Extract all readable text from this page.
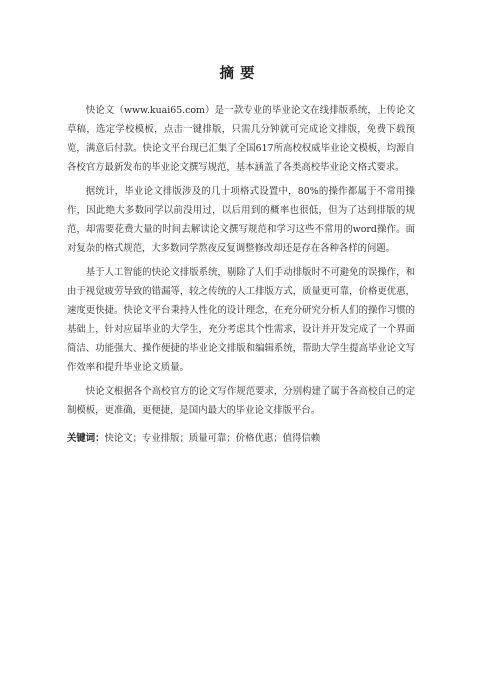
摘要

快论文（www.kuai65.com）是一款专业的毕业论文在线排版系统，上传论文草稿，选定学校模板，点击一键排版，只需几分钟就可完成论文排版，免费下载预览，满意后付款。快论文平台现已汇集了全国617所高校权威毕业论文模板，均源自各校官方最新发布的毕业论文撰写规范，基本涵盖了各类高校毕业论文格式要求。

据统计，毕业论文排版涉及的几十项格式设置中，80%的操作都属于不常用操作，因此绝大多数同学以前没用过，以后用到的概率也很低，但为了达到排版的规范，却需要花费大量的时间去解读论文撰写规范和学习这些不常用的word操作。面对复杂的格式规范，大多数同学熬夜反复调整修改却还是存在各种各样的问题。

基于人工智能的快论文排版系统，剔除了人们手动排版时不可避免的误操作，和由于视觉疲劳导致的错漏等，较之传统的人工排版方式，质量更可靠，价格更优惠，速度更快捷。快论文平台秉持人性化的设计理念，在充分研究分析人们的操作习惯的基础上，针对应届毕业的大学生，充分考虑其个性需求，设计并开发完成了一个界面简洁、功能强大、操作便捷的毕业论文排版和编辑系统，帮助大学生提高毕业论文写作效率和提升毕业论文质量。

快论文根据各个高校官方的论文写作规范要求，分别构建了属于各高校自己的定制模板，更准确，更便捷，是国内最大的毕业论文排版平台。

关键词：快论文；专业排版；质量可靠；价格优惠；值得信赖
